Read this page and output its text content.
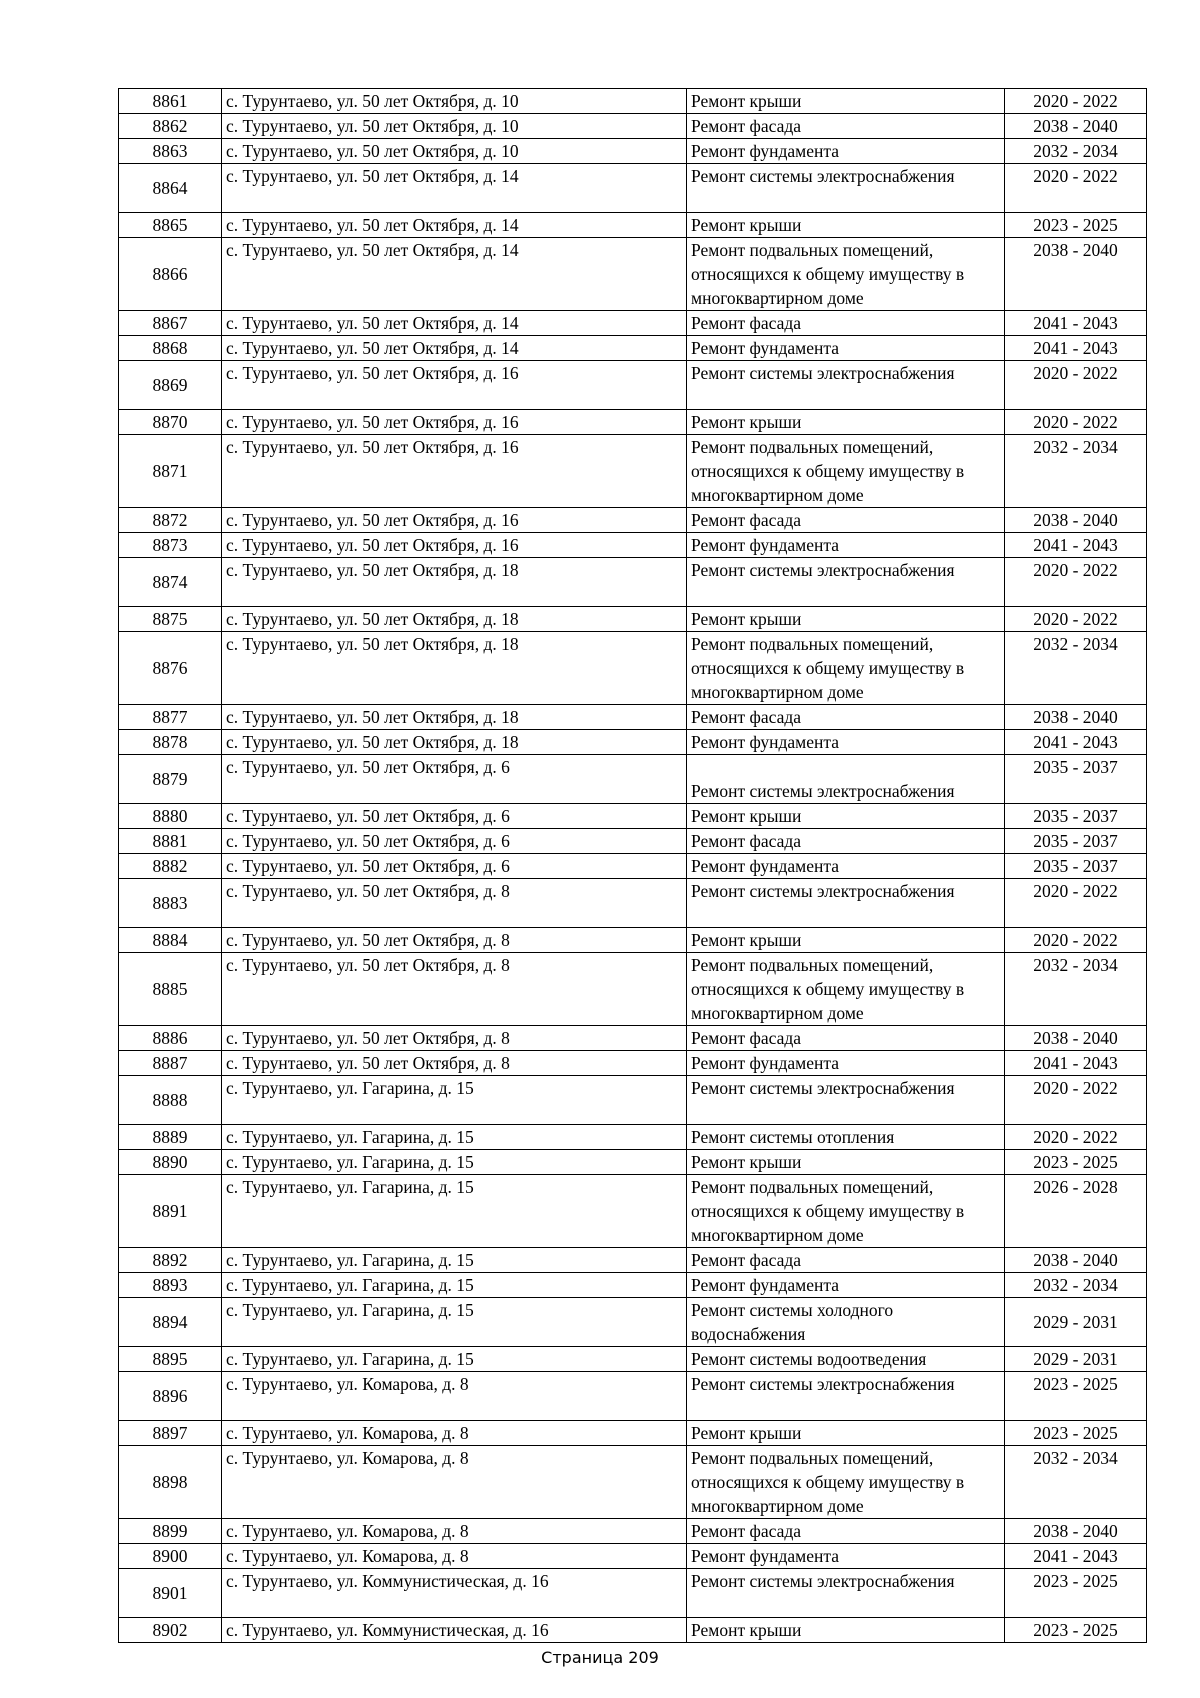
8861	с. Турунтаево, ул. 50 лет Октября, д. 10	Ремонт крыши	2020 - 2022
8862	с. Турунтаево, ул. 50 лет Октября, д. 10	Ремонт фасада	2038 - 2040
8863	с. Турунтаево, ул. 50 лет Октября, д. 10	Ремонт фундамента	2032 - 2034
8864	с. Турунтаево, ул. 50 лет Октября, д. 14	Ремонт системы электроснабжения	2020 - 2022
8865	с. Турунтаево, ул. 50 лет Октября, д. 14	Ремонт крыши	2023 - 2025
8866	с. Турунтаево, ул. 50 лет Октября, д. 14	Ремонт подвальных помещений, относящихся к общему имуществу в многоквартирном доме	2038 - 2040
8867	с. Турунтаево, ул. 50 лет Октября, д. 14	Ремонт фасада	2041 - 2043
8868	с. Турунтаево, ул. 50 лет Октября, д. 14	Ремонт фундамента	2041 - 2043
8869	с. Турунтаево, ул. 50 лет Октября, д. 16	Ремонт системы электроснабжения	2020 - 2022
8870	с. Турунтаево, ул. 50 лет Октября, д. 16	Ремонт крыши	2020 - 2022
8871	с. Турунтаево, ул. 50 лет Октября, д. 16	Ремонт подвальных помещений, относящихся к общему имуществу в многоквартирном доме	2032 - 2034
8872	с. Турунтаево, ул. 50 лет Октября, д. 16	Ремонт фасада	2038 - 2040
8873	с. Турунтаево, ул. 50 лет Октября, д. 16	Ремонт фундамента	2041 - 2043
8874	с. Турунтаево, ул. 50 лет Октября, д. 18	Ремонт системы электроснабжения	2020 - 2022
8875	с. Турунтаево, ул. 50 лет Октября, д. 18	Ремонт крыши	2020 - 2022
8876	с. Турунтаево, ул. 50 лет Октября, д. 18	Ремонт подвальных помещений, относящихся к общему имуществу в многоквартирном доме	2032 - 2034
8877	с. Турунтаево, ул. 50 лет Октября, д. 18	Ремонт фасада	2038 - 2040
8878	с. Турунтаево, ул. 50 лет Октября, д. 18	Ремонт фундамента	2041 - 2043
8879	с. Турунтаево, ул. 50 лет Октября, д. 6	Ремонт системы электроснабжения	2035 - 2037
8880	с. Турунтаево, ул. 50 лет Октября, д. 6	Ремонт крыши	2035 - 2037
8881	с. Турунтаево, ул. 50 лет Октября, д. 6	Ремонт фасада	2035 - 2037
8882	с. Турунтаево, ул. 50 лет Октября, д. 6	Ремонт фундамента	2035 - 2037
8883	с. Турунтаево, ул. 50 лет Октября, д. 8	Ремонт системы электроснабжения	2020 - 2022
8884	с. Турунтаево, ул. 50 лет Октября, д. 8	Ремонт крыши	2020 - 2022
8885	с. Турунтаево, ул. 50 лет Октября, д. 8	Ремонт подвальных помещений, относящихся к общему имуществу в многоквартирном доме	2032 - 2034
8886	с. Турунтаево, ул. 50 лет Октября, д. 8	Ремонт фасада	2038 - 2040
8887	с. Турунтаево, ул. 50 лет Октября, д. 8	Ремонт фундамента	2041 - 2043
8888	с. Турунтаево, ул. Гагарина, д. 15	Ремонт системы электроснабжения	2020 - 2022
8889	с. Турунтаево, ул. Гагарина, д. 15	Ремонт системы отопления	2020 - 2022
8890	с. Турунтаево, ул. Гагарина, д. 15	Ремонт крыши	2023 - 2025
8891	с. Турунтаево, ул. Гагарина, д. 15	Ремонт подвальных помещений, относящихся к общему имуществу в многоквартирном доме	2026 - 2028
8892	с. Турунтаево, ул. Гагарина, д. 15	Ремонт фасада	2038 - 2040
8893	с. Турунтаево, ул. Гагарина, д. 15	Ремонт фундамента	2032 - 2034
8894	с. Турунтаево, ул. Гагарина, д. 15	Ремонт системы холодного водоснабжения	2029 - 2031
8895	с. Турунтаево, ул. Гагарина, д. 15	Ремонт системы водоотведения	2029 - 2031
8896	с. Турунтаево, ул. Комарова, д. 8	Ремонт системы электроснабжения	2023 - 2025
8897	с. Турунтаево, ул. Комарова, д. 8	Ремонт крыши	2023 - 2025
8898	с. Турунтаево, ул. Комарова, д. 8	Ремонт подвальных помещений, относящихся к общему имуществу в многоквартирном доме	2032 - 2034
8899	с. Турунтаево, ул. Комарова, д. 8	Ремонт фасада	2038 - 2040
8900	с. Турунтаево, ул. Комарова, д. 8	Ремонт фундамента	2041 - 2043
8901	с. Турунтаево, ул. Коммунистическая, д. 16	Ремонт системы электроснабжения	2023 - 2025
8902	с. Турунтаево, ул. Коммунистическая, д. 16	Ремонт крыши	2023 - 2025
Страница 209
